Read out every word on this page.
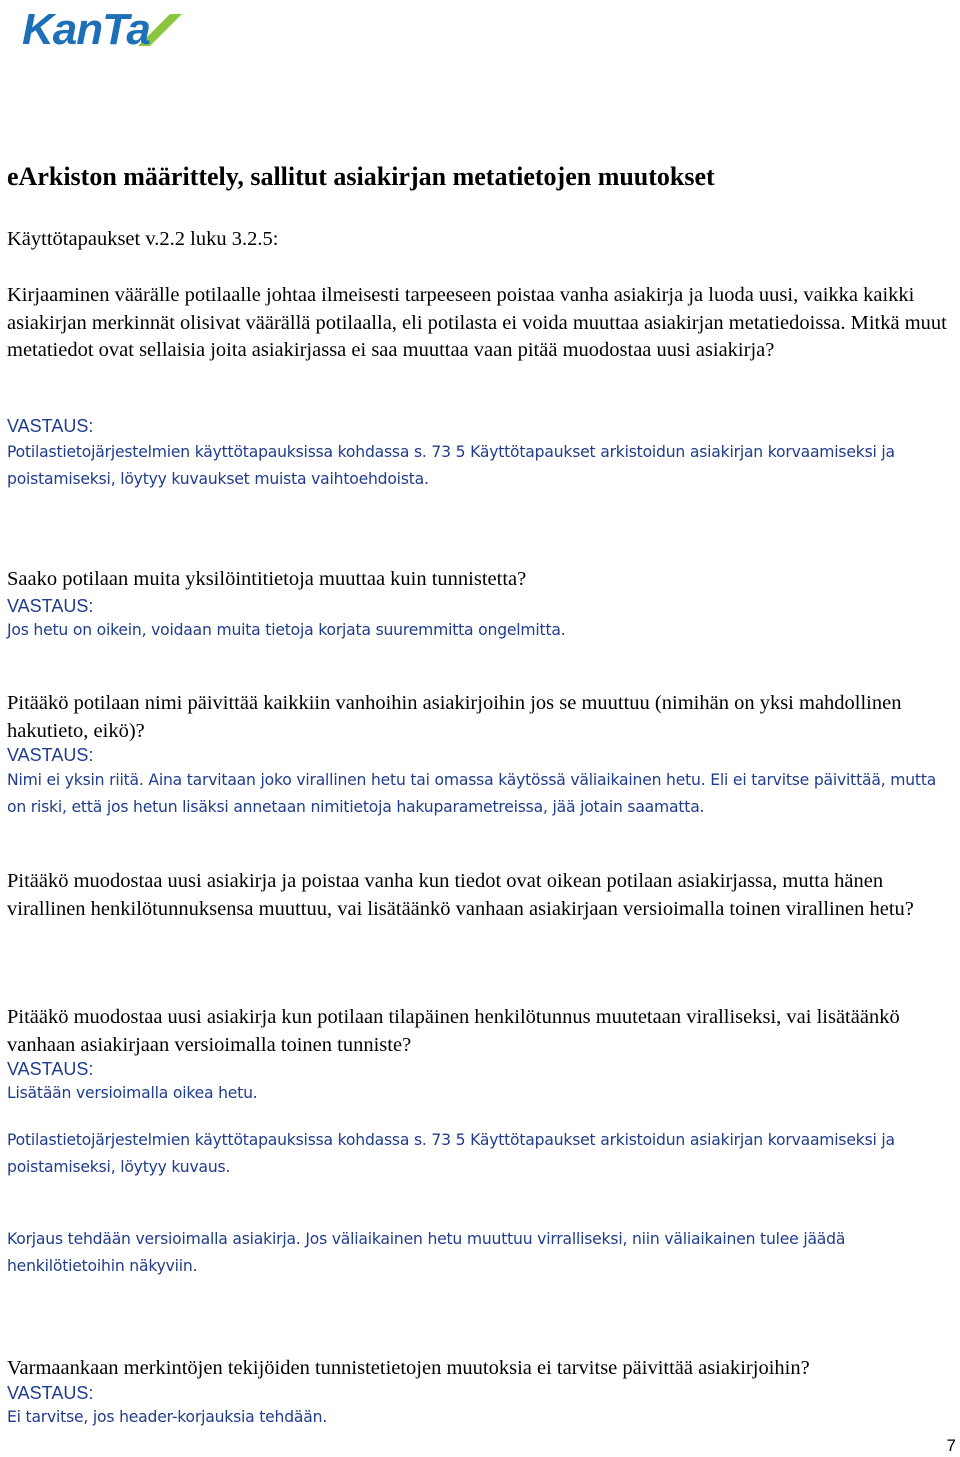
KanTa
eArkiston määrittely, sallitut asiakirjan metatietojen muutokset

Käyttötapaukset v.2.2 luku 3.2.5:

Kirjaaminen väärälle potilaalle johtaa ilmeisesti tarpeeseen poistaa vanha asiakirja ja luoda uusi, vaikka kaikki asiakirjan merkinnät olisivat väärällä potilaalla, eli potilasta ei voida muuttaa asiakirjan metatiedoissa. Mitkä muut metatiedot ovat sellaisia joita asiakirjassa ei saa muuttaa vaan pitää muodostaa uusi asiakirja?

VASTAUS:

Potilastietojärjestelmien käyttötapauksissa kohdassa s. 73 5 Käyttötapaukset arkistoidun asiakirjan korvaamiseksi ja poistamiseksi, löytyy kuvaukset muista vaihtoehdoista.

Saako potilaan muita yksilöintitietoja muuttaa kuin tunnistetta?

VASTAUS:

Jos hetu on oikein, voidaan muita tietoja korjata suuremmitta ongelmitta.

Pitääkö potilaan nimi päivittää kaikkiin vanhoihin asiakirjoihin jos se muuttuu (nimihän on yksi mahdollinen hakutieto, eikö)?

VASTAUS:

Nimi ei yksin riitä. Aina tarvitaan joko virallinen hetu tai omassa käytössä väliaikainen hetu. Eli ei tarvitse päivittää, mutta on riski, että jos hetun lisäksi annetaan nimitietoja hakuparametreissa, jää jotain saamatta.

Pitääkö muodostaa uusi asiakirja ja poistaa vanha kun tiedot ovat oikean potilaan asiakirjassa, mutta hänen virallinen henkilötunnuksensa muuttuu, vai lisätäänkö vanhaan asiakirjaan versioimalla toinen virallinen hetu?

Pitääkö muodostaa uusi asiakirja kun potilaan tilapäinen henkilötunnus muutetaan viralliseksi, vai lisätäänkö vanhaan asiakirjaan versioimalla toinen tunniste?

VASTAUS:

Lisätään versioimalla oikea hetu.

Potilastietojärjestelmien käyttötapauksissa kohdassa s. 73 5 Käyttötapaukset arkistoidun asiakirjan korvaamiseksi ja poistamiseksi, löytyy kuvaus.

Korjaus tehdään versioimalla asiakirja. Jos väliaikainen hetu muuttuu virralliseksi, niin väliaikainen tulee jäädä henkilötietoihin näkyviin.

Varmaankaan merkintöjen tekijöiden tunnistetietojen muutoksia ei tarvitse päivittää asiakirjoihin?

VASTAUS:

Ei tarvitse, jos header-korjauksia tehdään.

7
